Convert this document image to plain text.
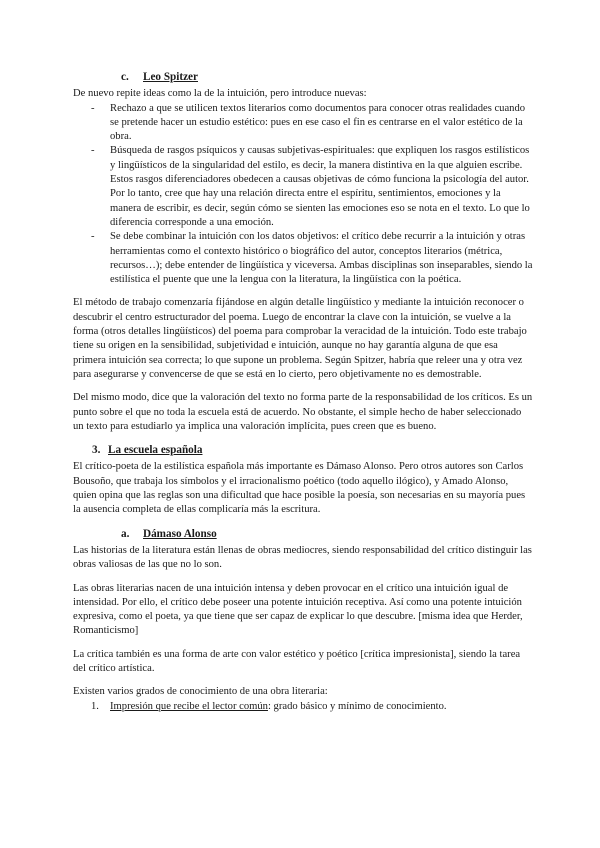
c. Leo Spitzer

De nuevo repite ideas como la de la intuición, pero introduce nuevas:

- Rechazo a que se utilicen textos literarios como documentos para conocer otras realidades cuando se pretende hacer un estudio estético: pues en ese caso el fin es centrarse en el valor estético de la obra.
- Búsqueda de rasgos psíquicos y causas subjetivas-espirituales: que expliquen los rasgos estilísticos y lingüísticos de la singularidad del estilo, es decir, la manera distintiva en la que alguien escribe. Estos rasgos diferenciadores obedecen a causas objetivas de cómo funciona la psicología del autor. Por lo tanto, cree que hay una relación directa entre el espíritu, sentimientos, emociones y la manera de escribir, es decir, según cómo se sienten las emociones eso se nota en el texto. Lo que lo diferencia corresponde a una emoción.
- Se debe combinar la intuición con los datos objetivos: el crítico debe recurrir a la intuición y otras herramientas como el contexto histórico o biográfico del autor, conceptos literarios (métrica, recursos…); debe entender de lingüística y viceversa. Ambas disciplinas son inseparables, siendo la estilística el puente que une la lengua con la literatura, la lingüística con la poética.

El método de trabajo comenzaría fijándose en algún detalle lingüístico y mediante la intuición reconocer o descubrir el centro estructurador del poema. Luego de encontrar la clave con la intuición, se vuelve a la forma (otros detalles lingüísticos) del poema para comprobar la veracidad de la intuición. Todo este trabajo tiene su origen en la sensibilidad, subjetividad e intuición, aunque no hay garantía alguna de que esa primera intuición sea correcta; lo que supone un problema. Según Spitzer, habría que releer una y otra vez para asegurarse y convencerse de que se está en lo cierto, pero objetivamente no es demostrable.

Del mismo modo, dice que la valoración del texto no forma parte de la responsabilidad de los críticos. Es un punto sobre el que no toda la escuela está de acuerdo. No obstante, el simple hecho de haber seleccionado un texto para estudiarlo ya implica una valoración implícita, pues creen que es bueno.

3. La escuela española

El crítico-poeta de la estilística española más importante es Dámaso Alonso. Pero otros autores son Carlos Bousoño, que trabaja los símbolos y el irracionalismo poético (todo aquello ilógico), y Amado Alonso, quien opina que las reglas son una dificultad que hace posible la poesía, son necesarias en su mayoría pues la ausencia completa de ellas complicaría más la escritura.

a. Dámaso Alonso

Las historias de la literatura están llenas de obras mediocres, siendo responsabilidad del crítico distinguir las obras valiosas de las que no lo son.

Las obras literarias nacen de una intuición intensa y deben provocar en el crítico una intuición igual de intensidad. Por ello, el crítico debe poseer una potente intuición receptiva. Así como una potente intuición expresiva, como el poeta, ya que tiene que ser capaz de explicar lo que descubre. [misma idea que Herder, Romanticismo]

La crítica también es una forma de arte con valor estético y poético [crítica impresionista], siendo la tarea del crítico artística.

Existen varios grados de conocimiento de una obra literaria:

1. Impresión que recibe el lector común: grado básico y mínimo de conocimiento.
